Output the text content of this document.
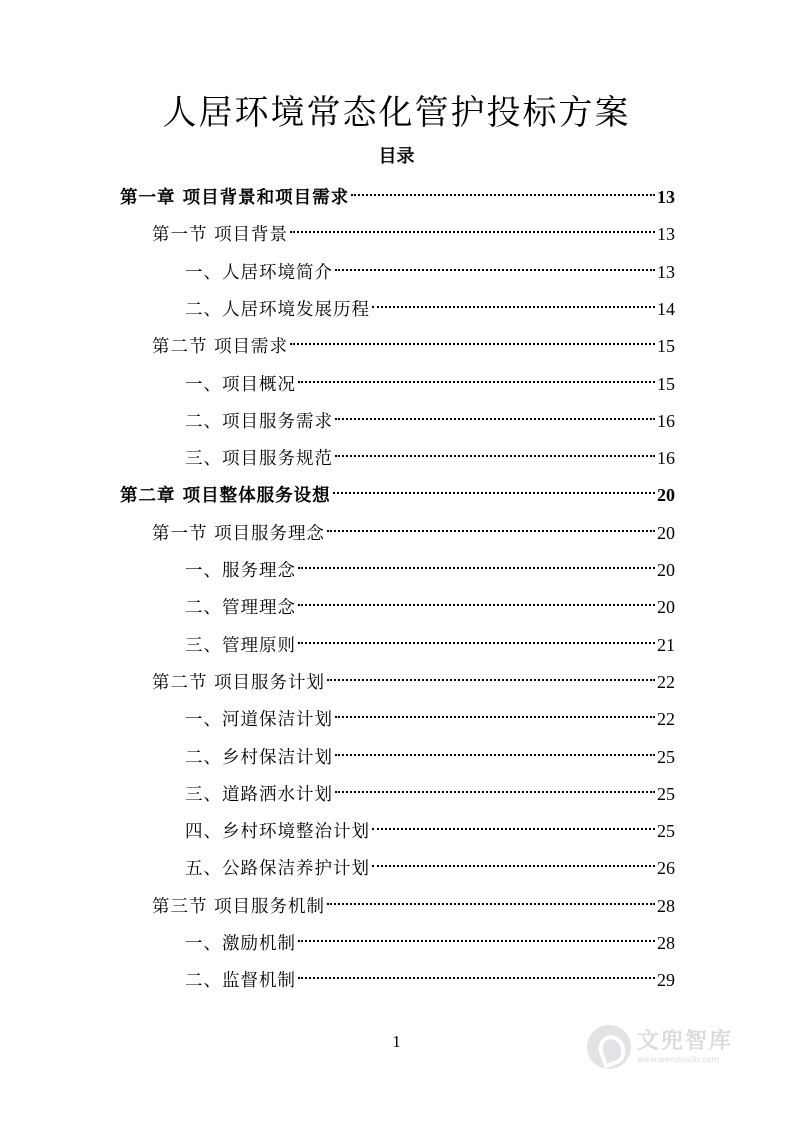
人居环境常态化管护投标方案
目录
第一章 项目背景和项目需求	13
第一节 项目背景	13
一、人居环境简介	13
二、人居环境发展历程	14
第二节 项目需求	15
一、项目概况	15
二、项目服务需求	16
三、项目服务规范	16
第二章 项目整体服务设想	20
第一节 项目服务理念	20
一、服务理念	20
二、管理理念	20
三、管理原则	21
第二节 项目服务计划	22
一、河道保洁计划	22
二、乡村保洁计划	25
三、道路洒水计划	25
四、乡村环境整治计划	25
五、公路保洁养护计划	26
第三节 项目服务机制	28
一、激励机制	28
二、监督机制	29
1	文兜智库
www.wendoulib.com
